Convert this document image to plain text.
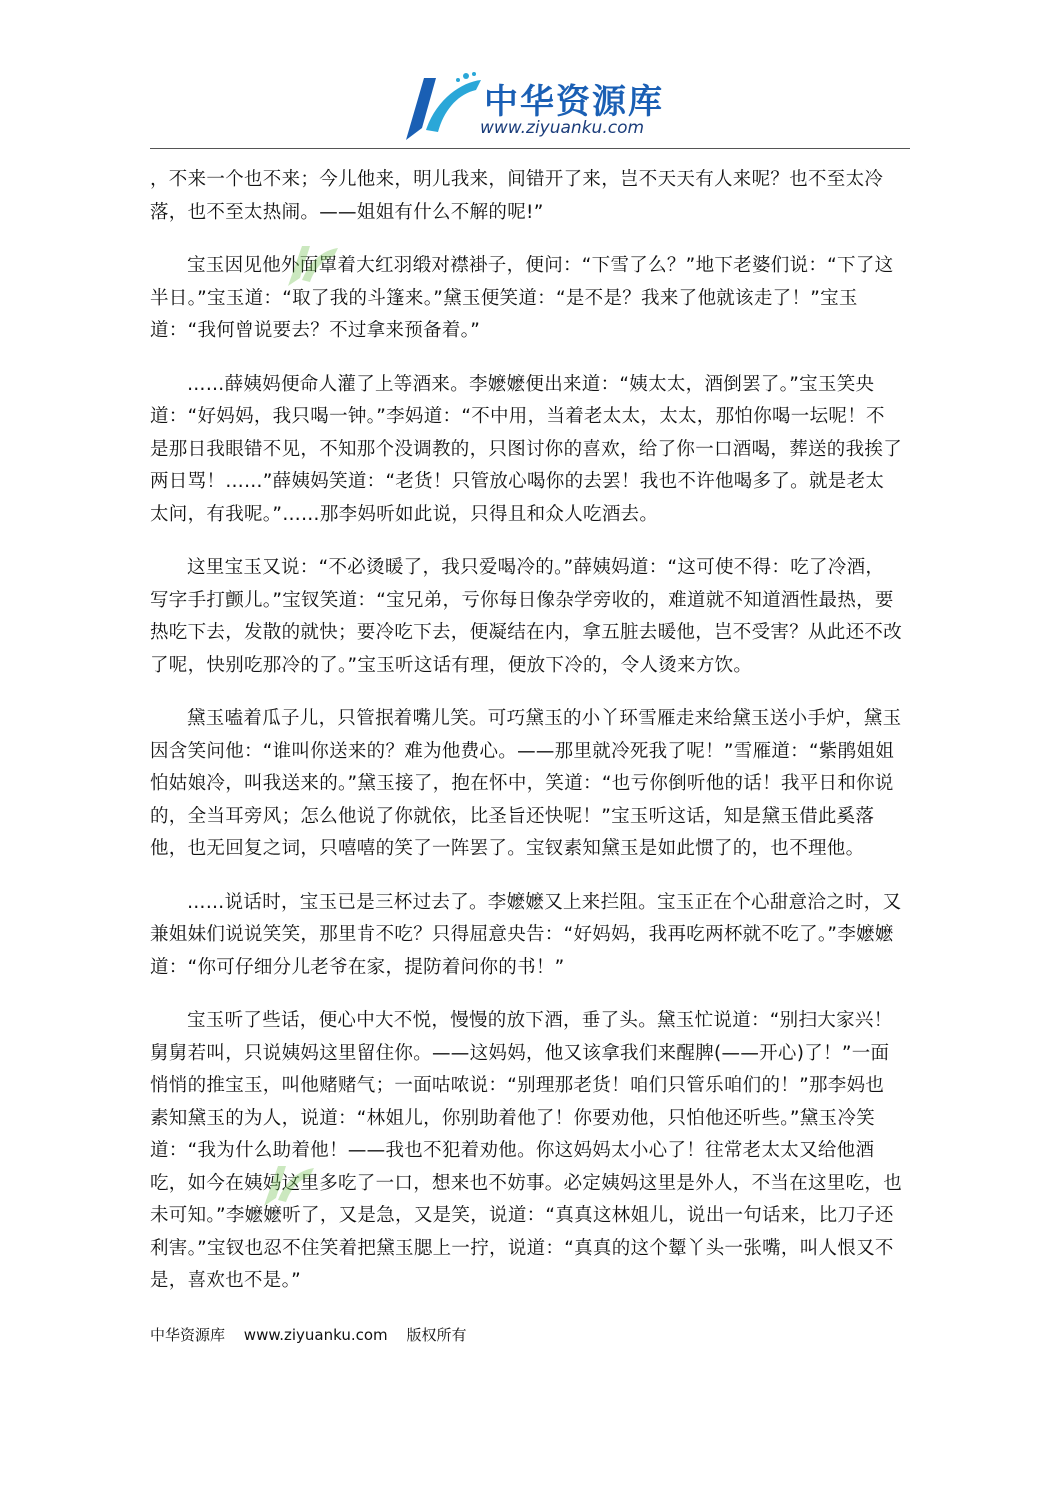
中华资源库
www.ziyuanku.com

，不来一个也不来；今儿他来，明儿我来，间错开了来，岂不天天有人来呢？也不至太冷落，也不至太热闹。——姐姐有什么不解的呢!”

宝玉因见他外面罩着大红羽缎对襟褂子，便问：“下雪了么？”地下老婆们说：“下了这半日。”宝玉道：“取了我的斗篷来。”黛玉便笑道：“是不是？我来了他就该走了！”宝玉道：“我何曾说要去？不过拿来预备着。”

……薛姨妈便命人灌了上等酒来。李嬷嬷便出来道：“姨太太，酒倒罢了。”宝玉笑央道：“好妈妈，我只喝一钟。”李妈道：“不中用，当着老太太，太太，那怕你喝一坛呢！不是那日我眼错不见，不知那个没调教的，只图讨你的喜欢，给了你一口酒喝，葬送的我挨了两日骂！……”薛姨妈笑道：“老货！只管放心喝你的去罢！我也不许他喝多了。就是老太太问，有我呢。”……那李妈听如此说，只得且和众人吃酒去。

这里宝玉又说：“不必烫暖了，我只爱喝冷的。”薛姨妈道：“这可使不得：吃了冷酒，写字手打颤儿。”宝钗笑道：“宝兄弟，亏你每日像杂学旁收的，难道就不知道酒性最热，要热吃下去，发散的就快；要冷吃下去，便凝结在内，拿五脏去暖他，岂不受害？从此还不改了呢，快别吃那冷的了。”宝玉听这话有理，便放下冷的，令人烫来方饮。

黛玉嗑着瓜子儿，只管抿着嘴儿笑。可巧黛玉的小丫环雪雁走来给黛玉送小手炉，黛玉因含笑问他：“谁叫你送来的？难为他费心。——那里就冷死我了呢！”雪雁道：“紫鹃姐姐怕姑娘冷，叫我送来的。”黛玉接了，抱在怀中，笑道：“也亏你倒听他的话！我平日和你说的，全当耳旁风；怎么他说了你就依，比圣旨还快呢！”宝玉听这话，知是黛玉借此奚落他，也无回复之词，只嘻嘻的笑了一阵罢了。宝钗素知黛玉是如此惯了的，也不理他。

……说话时，宝玉已是三杯过去了。李嬷嬷又上来拦阻。宝玉正在个心甜意洽之时，又兼姐妹们说说笑笑，那里肯不吃？只得屈意央告：“好妈妈，我再吃两杯就不吃了。”李嬷嬷道：“你可仔细分儿老爷在家，提防着问你的书！”

宝玉听了些话，便心中大不悦，慢慢的放下酒，垂了头。黛玉忙说道：“别扫大家兴！舅舅若叫，只说姨妈这里留住你。——这妈妈，他又该拿我们来醒脾(——开心)了！”一面悄悄的推宝玉，叫他赌赌气；一面咕哝说：“别理那老货！咱们只管乐咱们的！”那李妈也素知黛玉的为人，说道：“林姐儿，你别助着他了！你要劝他，只怕他还听些。”黛玉冷笑道：“我为什么助着他！——我也不犯着劝他。你这妈妈太小心了！往常老太太又给他酒吃，如今在姨妈这里多吃了一口，想来也不妨事。必定姨妈这里是外人，不当在这里吃，也未可知。”李嬷嬷听了，又是急，又是笑，说道：“真真这林姐儿，说出一句话来，比刀子还利害。”宝钗也忍不住笑着把黛玉腮上一拧，说道：“真真的这个颦丫头一张嘴，叫人恨又不是，喜欢也不是。”

中华资源库 www.ziyuanku.com 版权所有
